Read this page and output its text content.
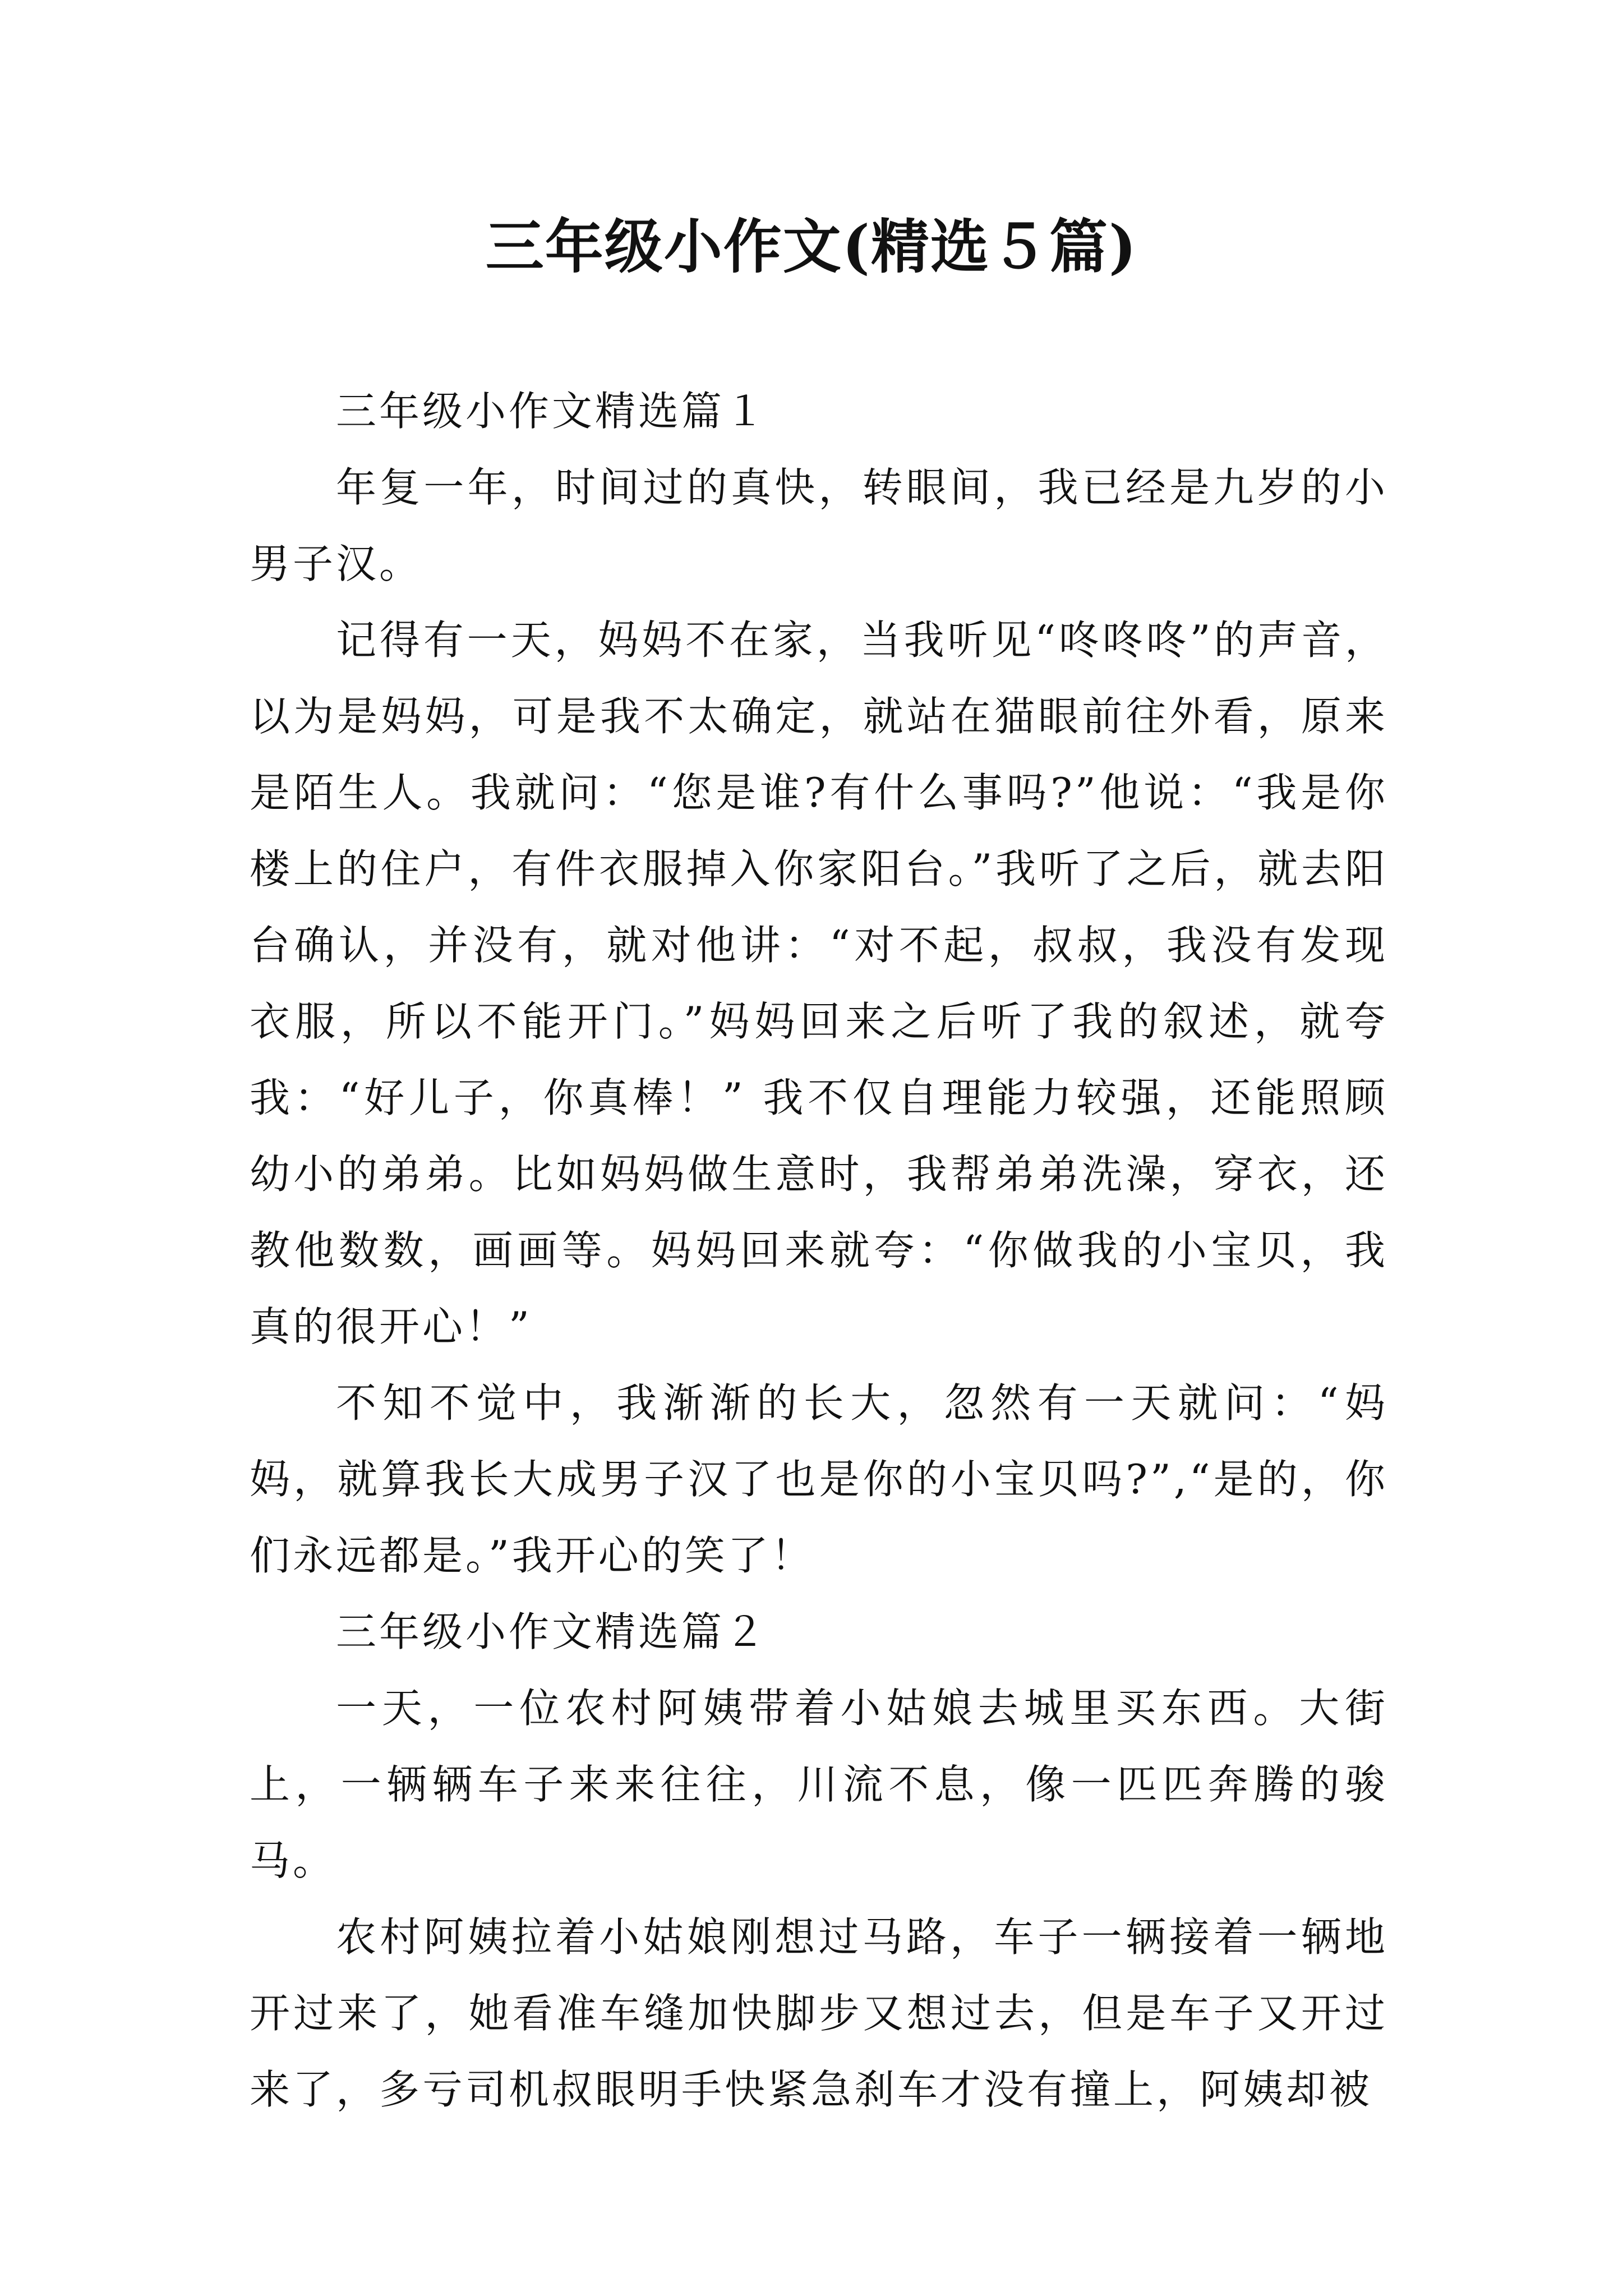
三年级小作文(精选５篇)

三年级小作文精选篇１

年复一年，时间过的真快，转眼间，我已经是九岁的小男子汉。

记得有一天，妈妈不在家，当我听见“咚咚咚”的声音，以为是妈妈，可是我不太确定，就站在猫眼前往外看，原来是陌生人。我就问：“您是谁?有什么事吗?”他说：“我是你楼上的住户，有件衣服掉入你家阳台。”我听了之后，就去阳台确认，并没有，就对他讲：“对不起，叔叔，我没有发现衣服，所以不能开门。”妈妈回来之后听了我的叙述，就夸我：“好儿子，你真棒！” 我不仅自理能力较强，还能照顾幼小的弟弟。比如妈妈做生意时，我帮弟弟洗澡，穿衣，还教他数数，画画等。妈妈回来就夸：“你做我的小宝贝，我真的很开心！”

不知不觉中，我渐渐的长大，忽然有一天就问：“妈妈，就算我长大成男子汉了也是你的小宝贝吗?”,“是的，你们永远都是。”我开心的笑了！

三年级小作文精选篇２

一天，一位农村阿姨带着小姑娘去城里买东西。大街上，一辆辆车子来来往往，川流不息，像一匹匹奔腾的骏马。

农村阿姨拉着小姑娘刚想过马路，车子一辆接着一辆地开过来了，她看准车缝加快脚步又想过去，但是车子又开过来了，多亏司机叔眼明手快紧急刹车才没有撞上，阿姨却被
